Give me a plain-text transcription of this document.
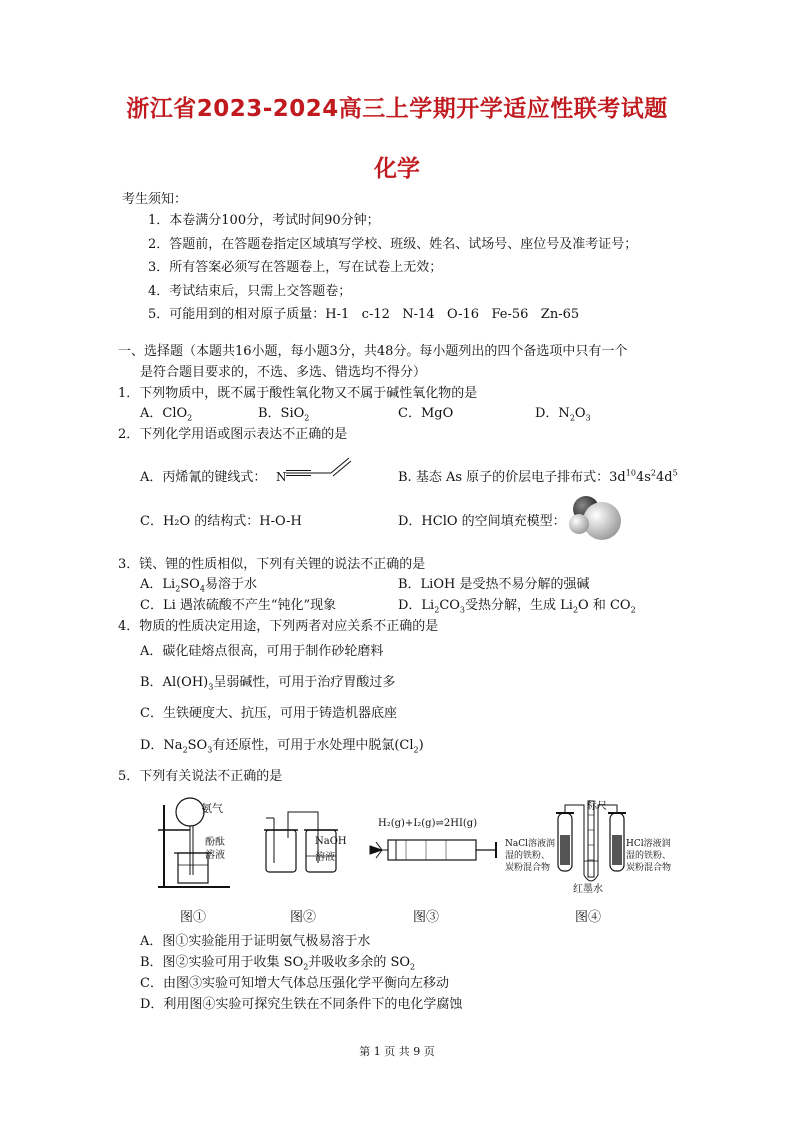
浙江省2023-2024高三上学期开学适应性联考试题
化学
考生须知：
1．本卷满分100分，考试时间90分钟；
2．答题前，在答题卷指定区域填写学校、班级、姓名、试场号、座位号及准考证号；
3．所有答案必须写在答题卷上，写在试卷上无效；
4．考试结束后，只需上交答题卷；
5．可能用到的相对原子质量：H-1   c-12   N-14   O-16   Fe-56   Zn-65
一、选择题（本题共16小题，每小题3分，共48分。每小题列出的四个备选项中只有一个
是符合题目要求的，不选、多选、错选均不得分）
1．下列物质中，既不属于酸性氧化物又不属于碱性氧化物的是
A．ClO$_2$	B．SiO$_2$	C．MgO	D．$N_2O_3$
2．下列化学用语或图示表达不正确的是
A．丙烯氰的键线式： N	B. 基态 As 原子的价层电子排布式：$3d^{10}4s^24d^5$
C．H₂O 的结构式：H-O-H	D．HClO 的空间填充模型：
3．镁、锂的性质相似，下列有关锂的说法不正确的是
A．$Li_2SO_4$易溶于水	B．LiOH 是受热不易分解的强碱
C．Li 遇浓硫酸不产生“钝化”现象	D．$Li_2CO_3$受热分解，生成 $Li_2O$ 和 $CO_2$
4．物质的性质决定用途，下列两者对应关系不正确的是
A．碳化硅熔点很高，可用于制作砂轮磨料
B．$Al(OH)_3$呈弱碱性，可用于治疗胃酸过多
C．生铁硬度大、抗压，可用于铸造机器底座
D．$Na_2SO_3$有还原性，可用于水处理中脱氯$(Cl_2)$
5．下列有关说法不正确的是
氨气
酚酞
溶液
图①
NaOH
溶液
图②
H₂(g)+I₂(g)⇌2HI(g)
图③
标尺
NaCl溶液润
湿的铁粉、
炭粉混合物
HCl溶液润
湿的铁粉、
炭粉混合物
红墨水
图④
A．图①实验能用于证明氨气极易溶于水
B．图②实验可用于收集 $SO_2$并吸收多余的 $SO_2$
C．由图③实验可知增大气体总压强化学平衡向左移动
D．利用图④实验可探究生铁在不同条件下的电化学腐蚀
第 1 页 共 9 页
